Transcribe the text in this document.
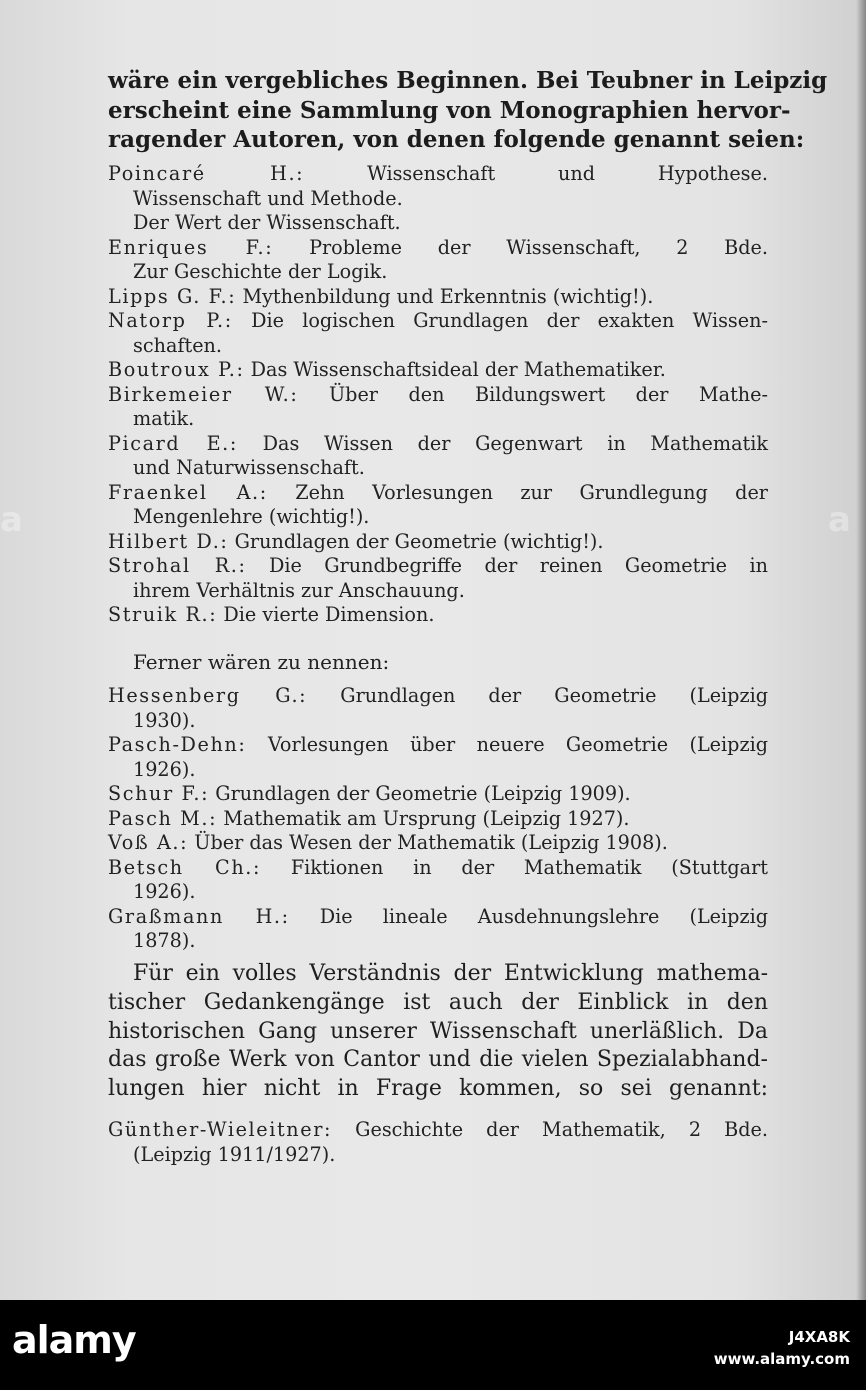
wäre ein vergebliches Beginnen. Bei Teubner in Leipzig
erscheint eine Sammlung von Monographien hervor-
ragender Autoren, von denen folgende genannt seien:
Poincaré H.:	Wissenschaft und Hypothese.
Wissenschaft und Methode.
Der Wert der Wissenschaft.
Enriques F.: Probleme der Wissenschaft, 2 Bde.
Zur Geschichte der Logik.
Lipps G. F.: Mythenbildung und Erkenntnis (wichtig!).
Natorp P.: Die logischen Grundlagen der exakten Wissen-
schaften.
Boutroux P.: Das Wissenschaftsideal der Mathematiker.
Birkemeier W.: Über den Bildungswert der Mathe-
matik.
Picard E.: Das Wissen der Gegenwart in Mathematik
und Naturwissenschaft.
Fraenkel A.: Zehn Vorlesungen zur Grundlegung der
Mengenlehre (wichtig!).
Hilbert D.: Grundlagen der Geometrie (wichtig!).
Strohal R.: Die Grundbegriffe der reinen Geometrie in
ihrem Verhältnis zur Anschauung.
Struik R.: Die vierte Dimension.
Ferner wären zu nennen:
Hessenberg G.: Grundlagen der Geometrie (Leipzig
1930).
Pasch-Dehn: Vorlesungen über neuere Geometrie (Leipzig
1926).
Schur F.: Grundlagen der Geometrie (Leipzig 1909).
Pasch M.: Mathematik am Ursprung (Leipzig 1927).
Voß A.: Über das Wesen der Mathematik (Leipzig 1908).
Betsch Ch.: Fiktionen in der Mathematik (Stuttgart
1926).
Graßmann H.: Die lineale Ausdehnungslehre (Leipzig
1878).
Für ein volles Verständnis der Entwicklung mathema-
tischer Gedankengänge ist auch der Einblick in den
historischen Gang unserer Wissenschaft unerläßlich. Da
das große Werk von Cantor und die vielen Spezialabhand-
lungen hier nicht in Frage kommen, so sei genannt:
Günther-Wieleitner: Geschichte der Mathematik, 2 Bde.
(Leipzig 1911/1927).
a	a
alamy	J4XA8K
www.alamy.com
